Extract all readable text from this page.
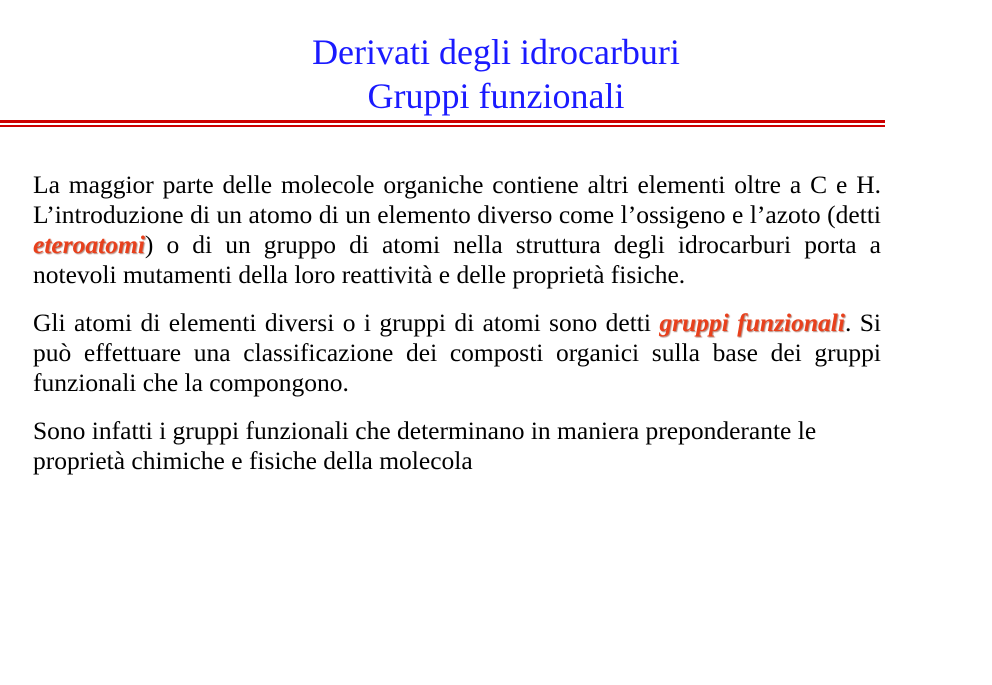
Derivati degli idrocarburi
Gruppi funzionali

La maggior parte delle molecole organiche contiene altri elementi oltre a C e H. L’introduzione di un atomo di un elemento diverso come l’ossigeno e l’azoto (detti eteroatomi) o di un gruppo di atomi nella struttura degli idrocarburi porta a notevoli mutamenti della loro reattività e delle proprietà fisiche.

Gli atomi di elementi diversi o i gruppi di atomi sono detti gruppi funzionali. Si può effettuare una classificazione dei composti organici sulla base dei gruppi funzionali che la compongono.

Sono infatti i gruppi funzionali che determinano in maniera preponderante le proprietà chimiche e fisiche della molecola
